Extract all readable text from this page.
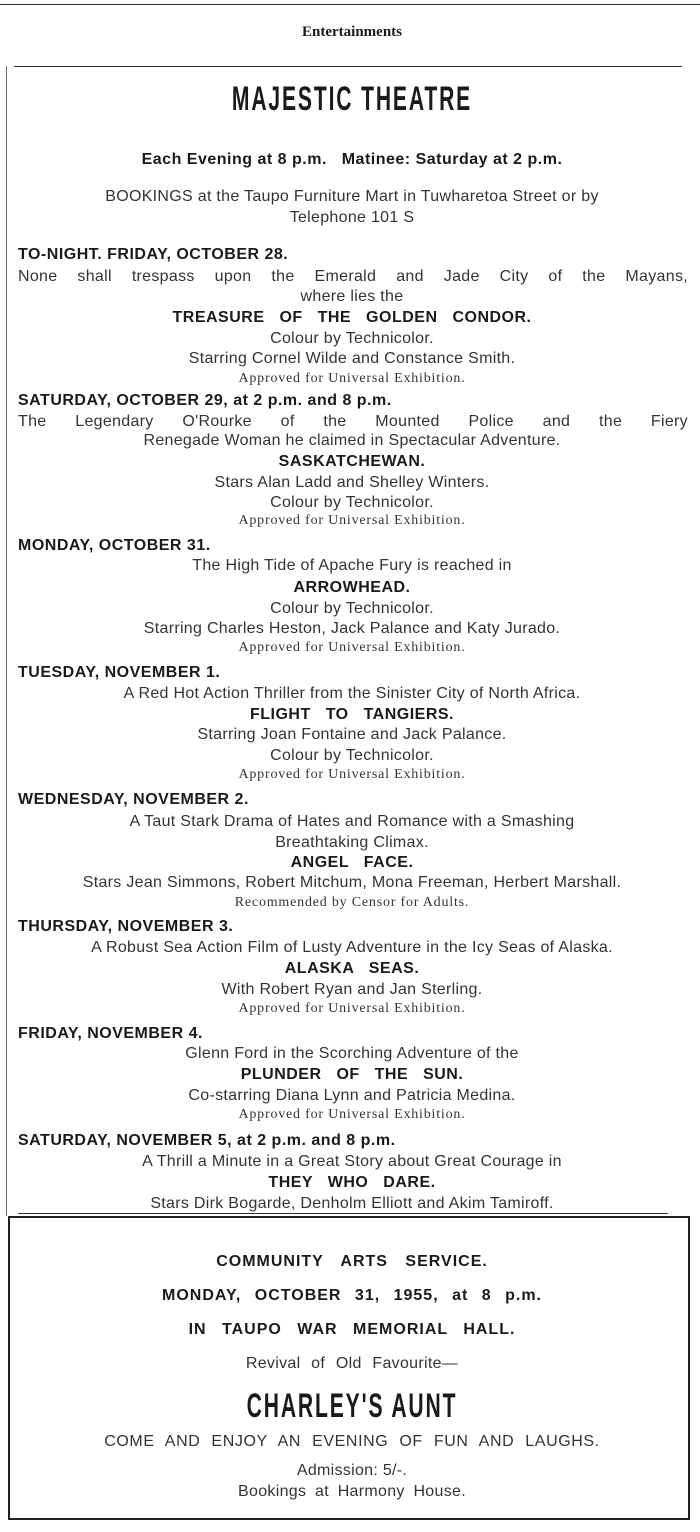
Entertainments
MAJESTIC THEATRE
Each Evening at 8 p.m.   Matinee: Saturday at 2 p.m.
BOOKINGS at the Taupo Furniture Mart in Tuwharetoa Street or by
Telephone 101 S
TO-NIGHT. FRIDAY, OCTOBER 28.
None shall trespass upon the Emerald and Jade City of the Mayans,
where lies the
TREASURE OF THE GOLDEN CONDOR.
Colour by Technicolor.
Starring Cornel Wilde and Constance Smith.
Approved for Universal Exhibition.
SATURDAY, OCTOBER 29, at 2 p.m. and 8 p.m.
The Legendary O'Rourke of the Mounted Police and the Fiery
Renegade Woman he claimed in Spectacular Adventure.
SASKATCHEWAN.
Stars Alan Ladd and Shelley Winters.
Colour by Technicolor.
Approved for Universal Exhibition.
MONDAY, OCTOBER 31.
The High Tide of Apache Fury is reached in
ARROWHEAD.
Colour by Technicolor.
Starring Charles Heston, Jack Palance and Katy Jurado.
Approved for Universal Exhibition.
TUESDAY, NOVEMBER 1.
A Red Hot Action Thriller from the Sinister City of North Africa.
FLIGHT TO TANGIERS.
Starring Joan Fontaine and Jack Palance.
Colour by Technicolor.
Approved for Universal Exhibition.
WEDNESDAY, NOVEMBER 2.
A Taut Stark Drama of Hates and Romance with a Smashing
Breathtaking Climax.
ANGEL FACE.
Stars Jean Simmons, Robert Mitchum, Mona Freeman, Herbert Marshall.
Recommended by Censor for Adults.
THURSDAY, NOVEMBER 3.
A Robust Sea Action Film of Lusty Adventure in the Icy Seas of Alaska.
ALASKA SEAS.
With Robert Ryan and Jan Sterling.
Approved for Universal Exhibition.
FRIDAY, NOVEMBER 4.
Glenn Ford in the Scorching Adventure of the
PLUNDER OF THE SUN.
Co-starring Diana Lynn and Patricia Medina.
Approved for Universal Exhibition.
SATURDAY, NOVEMBER 5, at 2 p.m. and 8 p.m.
A Thrill a Minute in a Great Story about Great Courage in
THEY WHO DARE.
Stars Dirk Bogarde, Denholm Elliott and Akim Tamiroff.
COMMUNITY ARTS SERVICE.
MONDAY, OCTOBER 31, 1955, at 8 p.m.
IN TAUPO WAR MEMORIAL HALL.
Revival of Old Favourite—
CHARLEY'S AUNT
COME AND ENJOY AN EVENING OF FUN AND LAUGHS.
Admission: 5/-.
Bookings at Harmony House.
